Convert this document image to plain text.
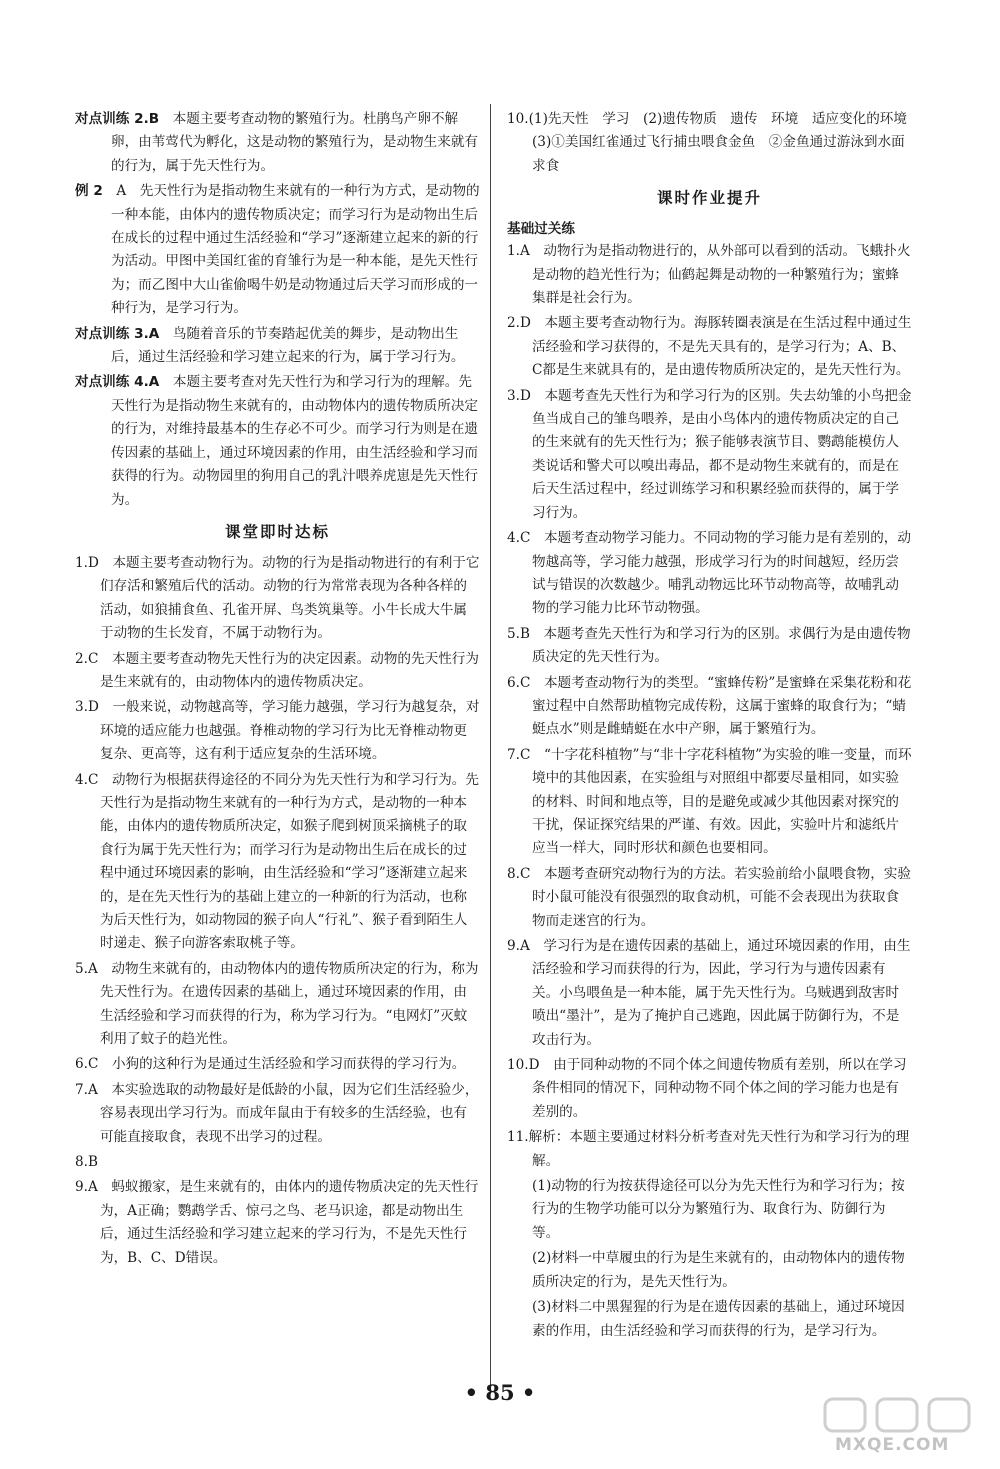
对点训练 2.B　本题主要考查动物的繁殖行为。杜鹃鸟产卵不解卵，由苇莺代为孵化，这是动物的繁殖行为，是动物生来就有的行为，属于先天性行为。
例 2　A　先天性行为是指动物生来就有的一种行为方式，是动物的一种本能，由体内的遗传物质决定；而学习行为是动物出生后在成长的过程中通过生活经验和“学习”逐渐建立起来的新的行为活动。甲图中美国红雀的育雏行为是一种本能，是先天性行为；而乙图中大山雀偷喝牛奶是动物通过后天学习而形成的一种行为，是学习行为。
对点训练 3.A　鸟随着音乐的节奏踏起优美的舞步，是动物出生后，通过生活经验和学习建立起来的行为，属于学习行为。
对点训练 4.A　本题主要考查对先天性行为和学习行为的理解。先天性行为是指动物生来就有的，由动物体内的遗传物质所决定的行为，对维持最基本的生存必不可少。而学习行为则是在遗传因素的基础上，通过环境因素的作用，由生活经验和学习而获得的行为。动物园里的狗用自己的乳汁喂养虎崽是先天性行为。
课堂即时达标
1.D　本题主要考查动物行为。动物的行为是指动物进行的有利于它们存活和繁殖后代的活动。动物的行为常常表现为各种各样的活动，如狼捕食鱼、孔雀开屏、鸟类筑巢等。小牛长成大牛属于动物的生长发育，不属于动物行为。
2.C　本题主要考查动物先天性行为的决定因素。动物的先天性行为是生来就有的，由动物体内的遗传物质决定。
3.D　一般来说，动物越高等，学习能力越强，学习行为越复杂，对环境的适应能力也越强。脊椎动物的学习行为比无脊椎动物更复杂、更高等，这有利于适应复杂的生活环境。
4.C　动物行为根据获得途径的不同分为先天性行为和学习行为。先天性行为是指动物生来就有的一种行为方式，是动物的一种本能，由体内的遗传物质所决定，如猴子爬到树顶采摘桃子的取食行为属于先天性行为；而学习行为是动物出生后在成长的过程中通过环境因素的影响，由生活经验和“学习”逐渐建立起来的，是在先天性行为的基础上建立的一种新的行为活动，也称为后天性行为，如动物园的猴子向人“行礼”、猴子看到陌生人时递走、猴子向游客索取桃子等。
5.A　动物生来就有的，由动物体内的遗传物质所决定的行为，称为先天性行为。在遗传因素的基础上，通过环境因素的作用，由生活经验和学习而获得的行为，称为学习行为。“电网灯”灭蚊利用了蚊子的趋光性。
6.C　小狗的这种行为是通过生活经验和学习而获得的学习行为。
7.A　本实验选取的动物最好是低龄的小鼠，因为它们生活经验少，容易表现出学习行为。而成年鼠由于有较多的生活经验，也有可能直接取食，表现不出学习的过程。
8.B
9.A　蚂蚁搬家，是生来就有的，由体内的遗传物质决定的先天性行为，A正确；鹦鹉学舌、惊弓之鸟、老马识途，都是动物出生后，通过生活经验和学习建立起来的学习行为，不是先天性行为，B、C、D错误。
10.(1)先天性　学习　(2)遗传物质　遗传　环境　适应变化的环境　(3)①美国红雀通过飞行捕虫喂食金鱼　②金鱼通过游泳到水面求食
课时作业提升
基础过关练
1.A　动物行为是指动物进行的，从外部可以看到的活动。飞蛾扑火是动物的趋光性行为；仙鹤起舞是动物的一种繁殖行为；蜜蜂集群是社会行为。
2.D　本题主要考查动物行为。海豚转圈表演是在生活过程中通过生活经验和学习获得的，不是先天具有的，是学习行为；A、B、C都是生来就具有的，是由遗传物质所决定的，是先天性行为。
3.D　本题考查先天性行为和学习行为的区别。失去幼雏的小鸟把金鱼当成自己的雏鸟喂养，是由小鸟体内的遗传物质决定的自己的生来就有的先天性行为；猴子能够表演节目、鹦鹉能模仿人类说话和警犬可以嗅出毒品，都不是动物生来就有的，而是在后天生活过程中，经过训练学习和积累经验而获得的，属于学习行为。
4.C　本题考查动物学习能力。不同动物的学习能力是有差别的，动物越高等，学习能力越强，形成学习行为的时间越短，经历尝试与错误的次数越少。哺乳动物远比环节动物高等，故哺乳动物的学习能力比环节动物强。
5.B　本题考查先天性行为和学习行为的区别。求偶行为是由遗传物质决定的先天性行为。
6.C　本题考查动物行为的类型。“蜜蜂传粉”是蜜蜂在采集花粉和花蜜过程中自然帮助植物完成传粉，这属于蜜蜂的取食行为；“蜻蜓点水”则是雌蜻蜓在水中产卵，属于繁殖行为。
7.C　“十字花科植物”与“非十字花科植物”为实验的唯一变量，而环境中的其他因素，在实验组与对照组中都要尽量相同，如实验的材料、时间和地点等，目的是避免或减少其他因素对探究的干扰，保证探究结果的严谨、有效。因此，实验叶片和滤纸片应当一样大，同时形状和颜色也要相同。
8.C　本题考查研究动物行为的方法。若实验前给小鼠喂食物，实验时小鼠可能没有很强烈的取食动机，可能不会表现出为获取食物而走迷宫的行为。
9.A　学习行为是在遗传因素的基础上，通过环境因素的作用，由生活经验和学习而获得的行为，因此，学习行为与遗传因素有关。小鸟喂鱼是一种本能，属于先天性行为。乌贼遇到敌害时喷出“墨汁”，是为了掩护自己逃跑，因此属于防御行为，不是攻击行为。
10.D　由于同种动物的不同个体之间遗传物质有差别，所以在学习条件相同的情况下，同种动物不同个体之间的学习能力也是有差别的。
11.解析：本题主要通过材料分析考查对先天性行为和学习行为的理解。
(1)动物的行为按获得途径可以分为先天性行为和学习行为；按行为的生物学功能可以分为繁殖行为、取食行为、防御行为等。
(2)材料一中草履虫的行为是生来就有的，由动物体内的遗传物质所决定的行为，是先天性行为。
(3)材料二中黑猩猩的行为是在遗传因素的基础上，通过环境因素的作用，由生活经验和学习而获得的行为，是学习行为。
• 85 •
MXQE.COM
